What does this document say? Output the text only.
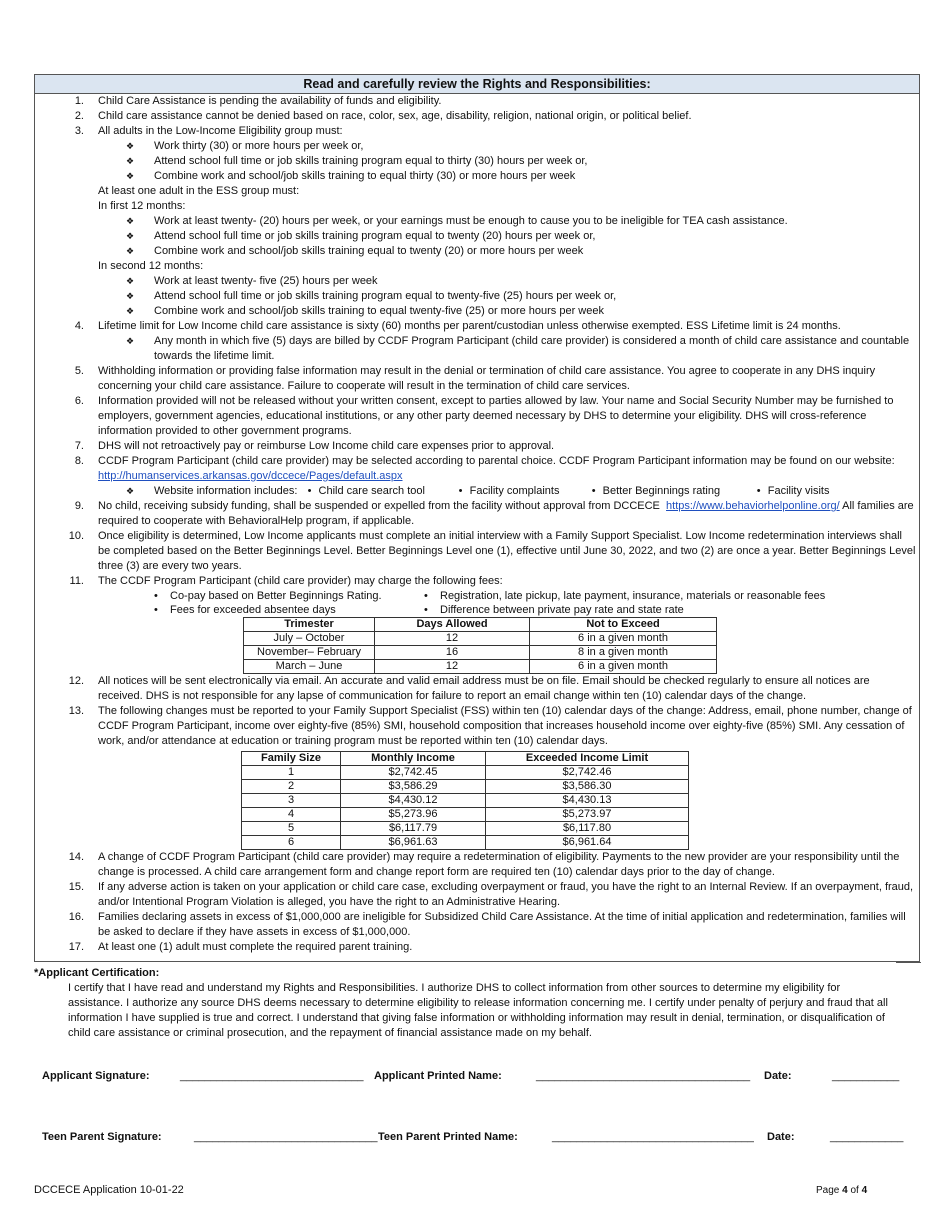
Read and carefully review the Rights and Responsibilities:
1. Child Care Assistance is pending the availability of funds and eligibility.
2. Child care assistance cannot be denied based on race, color, sex, age, disability, religion, national origin, or political belief.
3. All adults in the Low-Income Eligibility group must:
❖ Work thirty (30) or more hours per week or,
❖ Attend school full time or job skills training program equal to thirty (30) hours per week or,
❖ Combine work and school/job skills training to equal thirty (30) or more hours per week
At least one adult in the ESS group must:
In first 12 months:
❖ Work at least twenty- (20) hours per week, or your earnings must be enough to cause you to be ineligible for TEA cash assistance.
❖ Attend school full time or job skills training program equal to twenty (20) hours per week or,
❖ Combine work and school/job skills training equal to twenty (20) or more hours per week
In second 12 months:
❖ Work at least twenty- five (25) hours per week
❖ Attend school full time or job skills training program equal to twenty-five (25) hours per week or,
❖ Combine work and school/job skills training to equal twenty-five (25) or more hours per week
4. Lifetime limit for Low Income child care assistance is sixty (60) months per parent/custodian unless otherwise exempted. ESS Lifetime limit is 24 months.
❖ Any month in which five (5) days are billed by CCDF Program Participant (child care provider) is considered a month of child care assistance and countable towards the lifetime limit.
5. Withholding information or providing false information may result in the denial or termination of child care assistance. You agree to cooperate in any DHS inquiry concerning your child care assistance. Failure to cooperate will result in the termination of child care services.
6. Information provided will not be released without your written consent, except to parties allowed by law. Your name and Social Security Number may be furnished to employers, government agencies, educational institutions, or any other party deemed necessary by DHS to determine your eligibility. DHS will cross-reference information provided to other government programs.
7. DHS will not retroactively pay or reimburse Low Income child care expenses prior to approval.
8. CCDF Program Participant (child care provider) may be selected according to parental choice. CCDF Program Participant information may be found on our website: http://humanservices.arkansas.gov/dccece/Pages/default.aspx
❖ Website information includes: • Child care search tool	• Facility complaints	• Better Beginnings rating	• Facility visits
9. No child, receiving subsidy funding, shall be suspended or expelled from the facility without approval from DCCECE https://www.behaviorhelponline.org/ All families are required to cooperate with BehavioralHelp program, if applicable.
10. Once eligibility is determined, Low Income applicants must complete an initial interview with a Family Support Specialist. Low Income redetermination interviews shall be completed based on the Better Beginnings Level. Better Beginnings Level one (1), effective until June 30, 2022, and two (2) are once a year. Better Beginnings Level three (3) are every two years.
11. The CCDF Program Participant (child care provider) may charge the following fees:
• Co-pay based on Better Beginnings Rating.
• Fees for exceeded absentee days
• Registration, late pickup, late payment, insurance, materials or reasonable fees
• Difference between private pay rate and state rate
Trimester	Days Allowed	Not to Exceed
July – October	12	6 in a given month
November– February	16	8 in a given month
March – June	12	6 in a given month
12. All notices will be sent electronically via email. An accurate and valid email address must be on file. Email should be checked regularly to ensure all notices are received. DHS is not responsible for any lapse of communication for failure to report an email change within ten (10) calendar days of the change.
13. The following changes must be reported to your Family Support Specialist (FSS) within ten (10) calendar days of the change: Address, email, phone number, change of CCDF Program Participant, income over eighty-five (85%) SMI, household composition that increases household income over eighty-five (85%) SMI. Any cessation of work, and/or attendance at education or training program must be reported within ten (10) calendar days.
Family Size	Monthly Income	Exceeded Income Limit
1	$2,742.45	$2,742.46
2	$3,586.29	$3,586.30
3	$4,430.12	$4,430.13
4	$5,273.96	$5,273.97
5	$6,117.79	$6,117.80
6	$6,961.63	$6,961.64
14. A change of CCDF Program Participant (child care provider) may require a redetermination of eligibility. Payments to the new provider are your responsibility until the change is processed. A child care arrangement form and change report form are required ten (10) calendar days prior to the day of change.
15. If any adverse action is taken on your application or child care case, excluding overpayment or fraud, you have the right to an Internal Review. If an overpayment, fraud, and/or Intentional Program Violation is alleged, you have the right to an Administrative Hearing.
16. Families declaring assets in excess of $1,000,000 are ineligible for Subsidized Child Care Assistance. At the time of initial application and redetermination, families will be asked to declare if they have assets in excess of $1,000,000.
17. At least one (1) adult must complete the required parent training.
*Applicant Certification:
I certify that I have read and understand my Rights and Responsibilities. I authorize DHS to collect information from other sources to determine my eligibility for assistance. I authorize any source DHS deems necessary to determine eligibility to release information concerning me. I certify under penalty of perjury and fraud that all information I have supplied is true and correct. I understand that giving false information or withholding information may result in denial, termination, or disqualification of child care assistance or criminal prosecution, and the repayment of financial assistance made on my behalf.
Applicant Signature:	______________________________ Applicant Printed Name:	___________________________________ Date:	___________
Teen Parent Signature:	______________________________ Teen Parent Printed Name:	_________________________________ Date:	____________
DCCECE Application 10-01-22	Page 4 of 4
